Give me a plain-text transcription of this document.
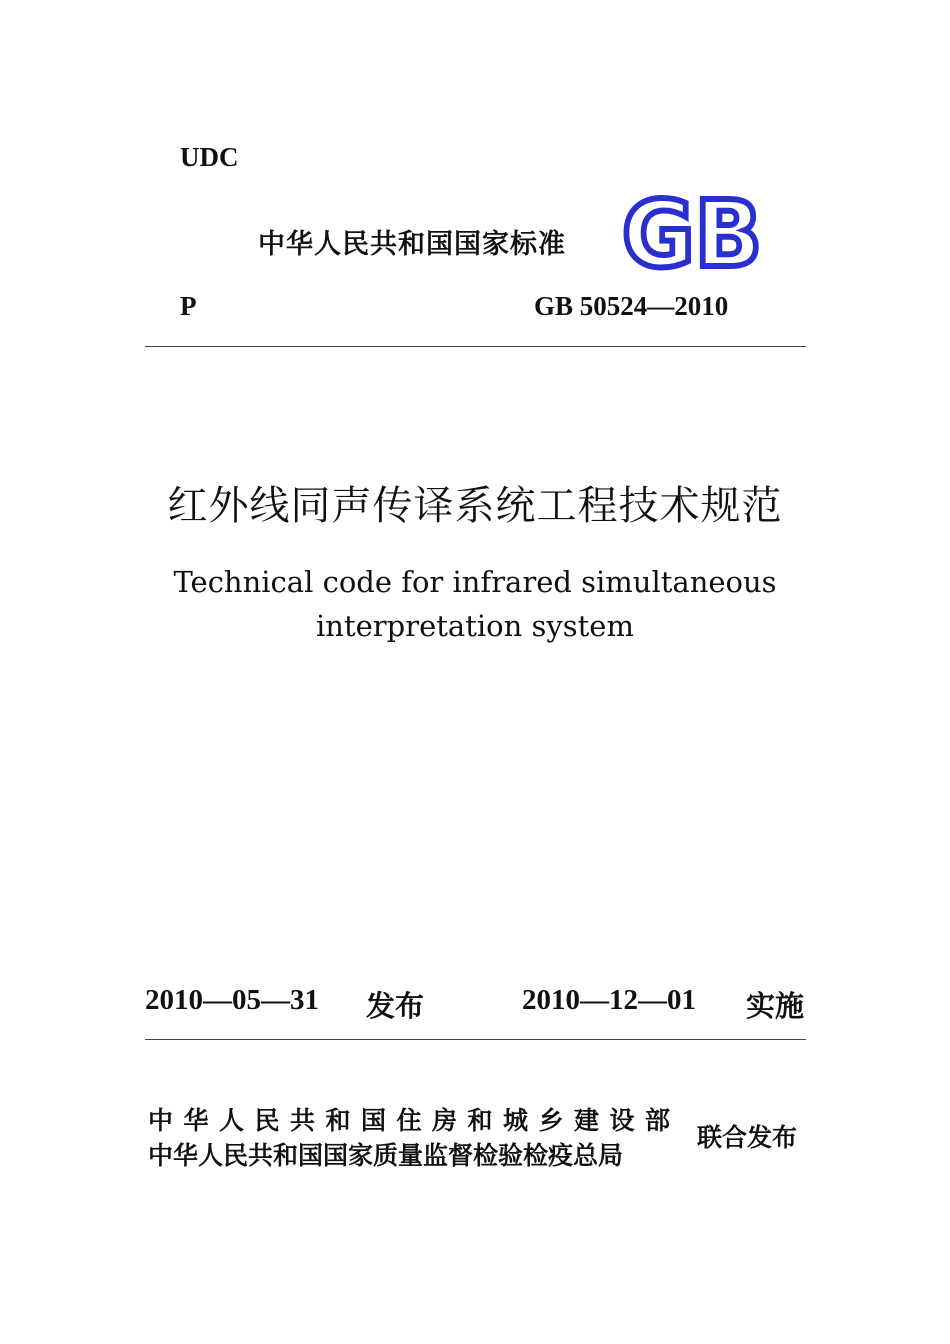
UDC
中华人民共和国国家标准 GB
P	GB 50524—2010
红外线同声传译系统工程技术规范
Technical code for infrared simultaneous
interpretation system
2010—05—31 发布	2010—12—01 实施
中华人民共和国住房和城乡建设部
中华人民共和国国家质量监督检验检疫总局
联合发布
